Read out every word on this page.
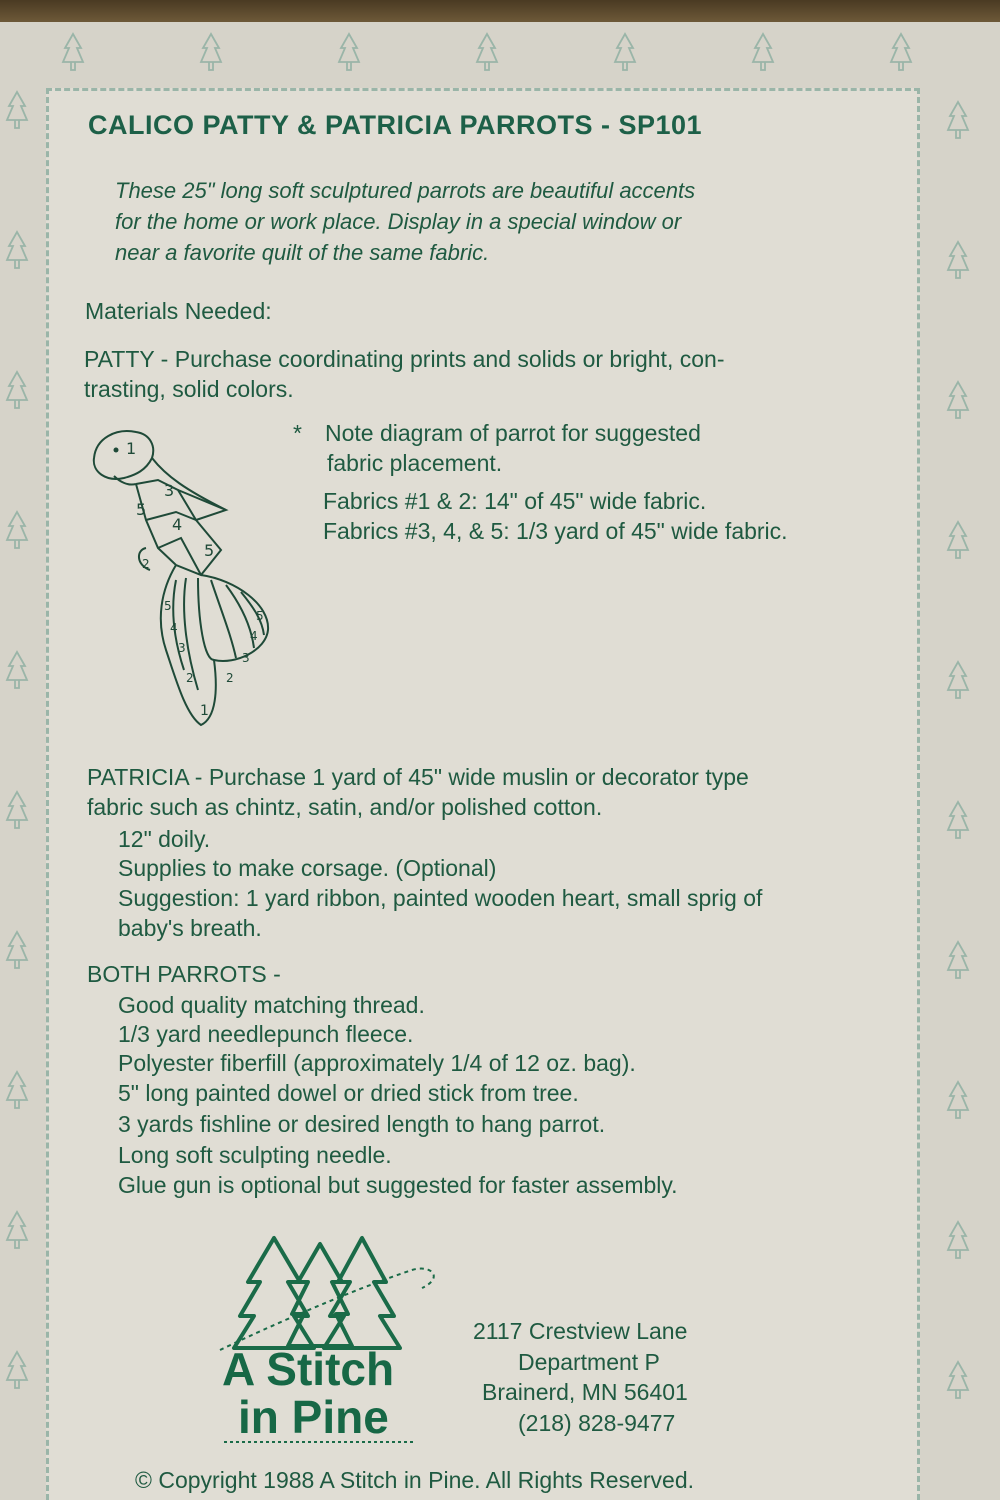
CALICO PATTY & PATRICIA PARROTS - SP101
These 25" long soft sculptured parrots are beautiful accents
for the home or work place. Display in a special window or
near a favorite quilt of the same fabric.
Materials Needed:
PATTY - Purchase coordinating prints and solids or bright, con-
trasting, solid colors.
* Note diagram of parrot for suggested
fabric placement.
Fabrics #1 & 2: 14" of 45" wide fabric.
Fabrics #3, 4, & 5: 1/3 yard of 45" wide fabric.
1
3
5
4
5
2
5
4
3
2
1
2
3
4
5
PATRICIA - Purchase 1 yard of 45" wide muslin or decorator type
fabric such as chintz, satin, and/or polished cotton.
12" doily.
Supplies to make corsage. (Optional)
Suggestion: 1 yard ribbon, painted wooden heart, small sprig of
baby's breath.
BOTH PARROTS -
Good quality matching thread.
1/3 yard needlepunch fleece.
Polyester fiberfill (approximately 1/4 of 12 oz. bag).
5" long painted dowel or dried stick from tree.
3 yards fishline or desired length to hang parrot.
Long soft sculpting needle.
Glue gun is optional but suggested for faster assembly.
A Stitch
in Pine
2117 Crestview Lane
Department P
Brainerd, MN 56401
(218) 828-9477
© Copyright 1988 A Stitch in Pine. All Rights Reserved.
